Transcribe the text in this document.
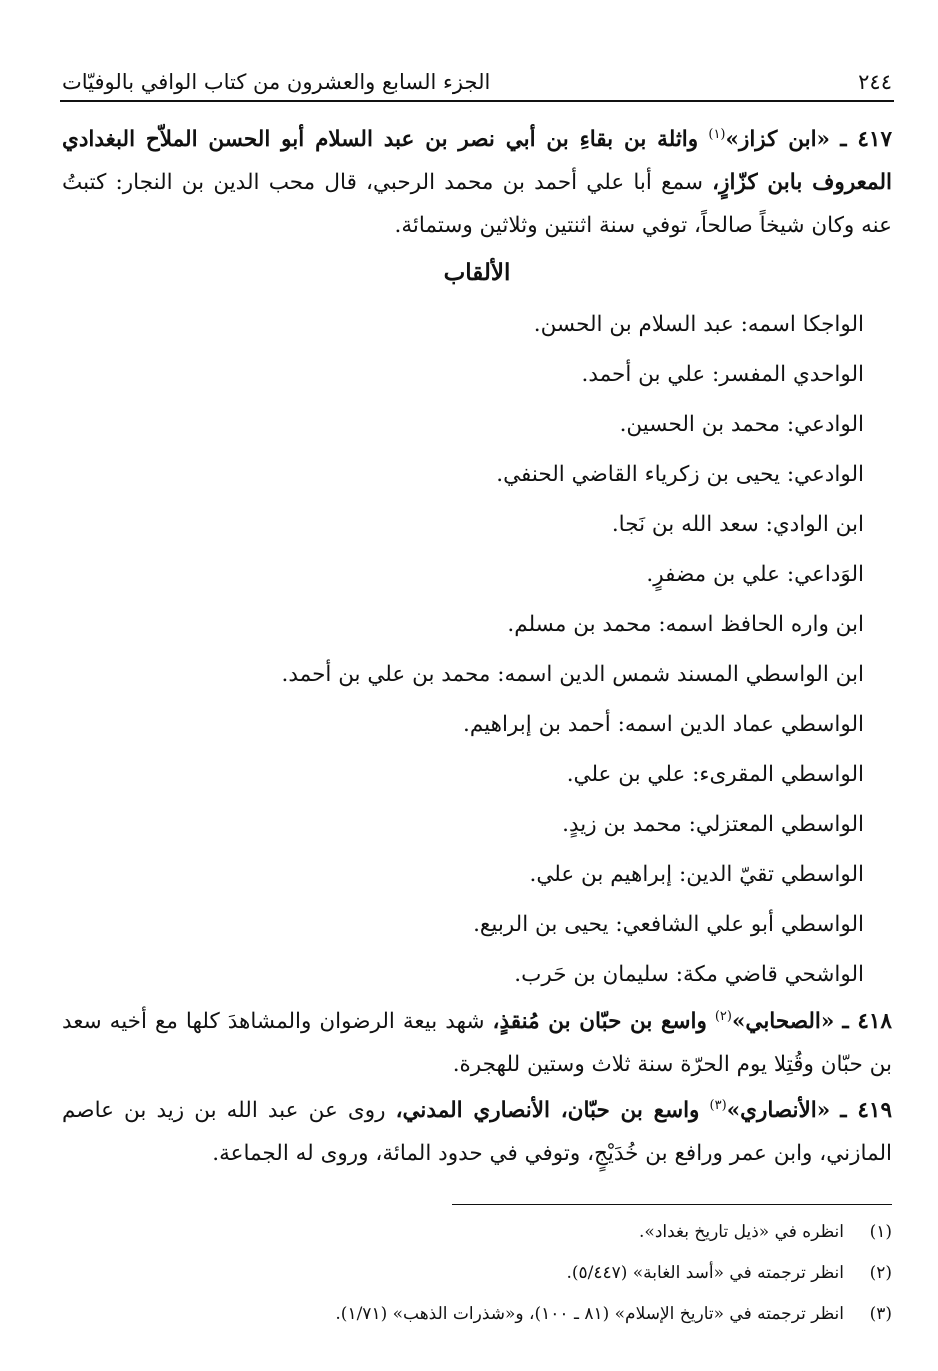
٢٤٤
الجزء السابع والعشرون من كتاب الوافي بالوفيّات

٤١٧ ـ «ابن كزاز»$^{(١)}$ واثلة بن بقاءِ بن أبي نصر بن عبد السلام أبو الحسن الملاّح البغدادي المعروف بابن كزّازٍ، سمع أبا علي أحمد بن محمد الرحبي، قال محب الدين بن النجار: كتبتُ عنه وكان شيخاً صالحاً، توفي سنة اثنتين وثلاثين وستمائة.

الألقاب
الواجكا اسمه: عبد السلام بن الحسن.
الواحدي المفسر: علي بن أحمد.
الوادعي: محمد بن الحسين.
الوادعي: يحيى بن زكرياء القاضي الحنفي.
ابن الوادي: سعد الله بن نَجا.
الوَداعي: علي بن مضفرٍ.
ابن واره الحافظ اسمه: محمد بن مسلم.
ابن الواسطي المسند شمس الدين اسمه: محمد بن علي بن أحمد.
الواسطي عماد الدين اسمه: أحمد بن إبراهيم.
الواسطي المقرىء: علي بن علي.
الواسطي المعتزلي: محمد بن زيدٍ.
الواسطي تقيّ الدين: إبراهيم بن علي.
الواسطي أبو علي الشافعي: يحيى بن الربيع.
الواشحي قاضي مكة: سليمان بن حَرب.

٤١٨ ـ «الصحابي»$^{(٢)}$ واسع بن حبّان بن مُنقذٍ، شهد بيعة الرضوان والمشاهدَ كلها مع أخيه سعد بن حبّان وقُتِلا يوم الحرّة سنة ثلاث وستين للهجرة.

٤١٩ ـ «الأنصاري»$^{(٣)}$ واسع بن حبّان، الأنصاري المدني، روى عن عبد الله بن زيد بن عاصم المازني، وابن عمر ورافع بن خُدَيْجٍ، وتوفي في حدود المائة، وروى له الجماعة.

(١)
انظره في «ذيل تاريخ بغداد».
(٢)
انظر ترجمته في «أسد الغابة» (٥/٤٤٧).
(٣)
انظر ترجمته في «تاريخ الإسلام» (٨١ ـ ١٠٠)، و«شذرات الذهب» (١/٧١).
